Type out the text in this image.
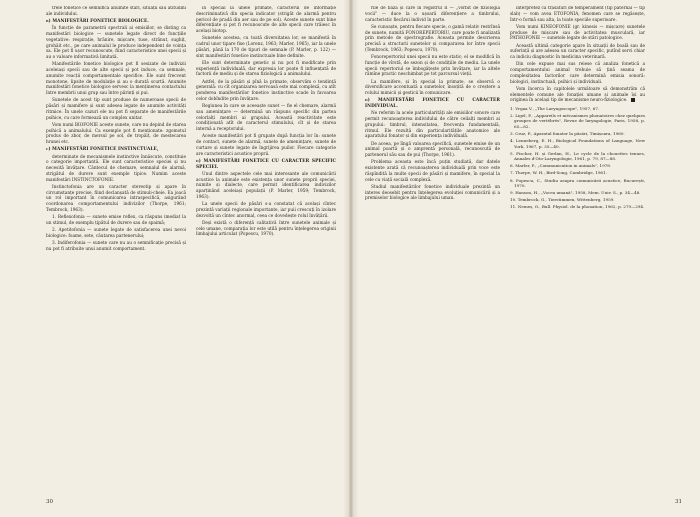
trele fonetice ce semnifică anumite stări, situații sau atitudini ale individului.

b) MANIFESTĂRI FONETICE BIOLOGICE.

În funcție de parametrii spectrali ai emisiilor, se disting ca manifestări biologice — sunetele legate direct de funcțiile vegetative: respirație, hrănire, mișcare, tuse, strănut, sughiț, grohăit etc., pe care animalul le produce independent de voința sa. Ele pot fi ușor recunoscute, fiind caracteristice unei specii și au o valoare informativă limitată.

Manifestările fonetice biologice pot fi sesizate de indivizii aceleiași specii sau de alte specii și pot induce, ca semnale, anumite reacții comportamentale specifice. Ele sunt frecvent monotone, lipsite de modulație și au o durată scurtă. Anumite manifestări fonetice biologice servesc la menținerea contactului între membrii unui grup sau între părinți și pui.

Sunetele de acest tip sunt produse de numeroase specii de păsări și mamifere și sunt adesea legate de anumite activități ritmice. În unele cazuri ele nu pot fi separate de manifestările psihice, cu care formează un complex unitar.

Vom numi BIOFONIE aceste sunete, care nu depind de starea psihică a animalului. Ca exemple pot fi menționate: zgomotul produs de zbor, de mersul pe sol, de tropăit, de mestecarea hranei etc.

c) MANIFESTĂRI FONETICE INSTINCTUALE,

determinate de mecanismele instinctive înnăscute, constituie o categorie importantă. Ele sunt caracteristice speciei și nu necesită învățare. Cântecul de chemare, semnalul de alarmă, strigătul de durere sunt exemple tipice. Numim aceste manifestări INSTINCTOFONIE.

Instinctofonia are un caracter stereotip și apare în circumstanțe precise, fiind declanșată de stimuli-cheie. Ea joacă un rol important în comunicarea intraspecifică, asigurând coordonarea comportamentului indivizilor (Thorpe, 1961; Tembrock, 1963).

1. Reflexofonia — sunete emise reflex, ca răspuns imediat la un stimul, de exemplu țipătul de durere sau de spaimă;

2. Apetitofonia — sunete legate de satisfacerea unei nevoi biologice: foame, sete, căutarea partenerului;

3. Indiferofonia — sunete care nu au o semnificație precisă și nu pot fi atribuite unui anumit comportament.

în special la unele primate, caracterul de informație descriminativă din specia indicator (strigăt de alarmă pentru pericol de pradă din aer sau de pe sol). Aceste sunete sunt bine diferențiate și pot fi recunoscute de alte specii care trăiesc în același biotop.

Sunetele acestea, cu toată diversitatea lor, se manifestă în cadrul unor tipare fixe (Lorenz, 1963; Marler, 1965), iar la unele păsări, până la 170 de tipuri de semnale (P. Marler, p. 122) — sint manifestări fonetice instinctuale bine definite.

Ele sunt determinate genetic și nu pot fi modificate prin experiență individuală, dar expresia lor poate fi influențată de factorii de mediu și de starea fiziologică a animalului.

Astfel, de la păsări și pînă la primate, observăm o tendință generală: cu cît organizarea nervoasă este mai complexă, cu atît ponderea manifestărilor fonetice instinctive scade în favoarea celor dobîndite prin învățare.

Regiunea în care se aceeaște sunet — fie el chemare, alarmă sau amenințare — determină un răspuns specific din partea celorlalți membri ai grupului. Această reactivitate este condiționată atît de caracterul stimulului, cît și de starea internă a receptorului.

Aceste manifestări pot fi grupate după funcția lor în: sunete de contact, sunete de alarmă, sunete de amenințare, sunete de curtare și sunete legate de îngrijirea puilor. Fiecare categorie are caracteristici acustice proprii.

d) MANIFESTĂRI FONETICE CU CARACTER SPECIFIC SPECIEI.

Unul dintre aspectele cele mai interesante ale comunicării acustice la animale este existența unor sunete proprii speciei, numite și dialecte, care permit identificarea indivizilor aparținând aceleiași populații (P. Marler, 1959; Tembrock, 1963).

La unele specii de păsări s-a constatat că același cîntec prezintă variații regionale importante, iar puii crescuți în izolare dezvoltă un cîntec anormal, ceea ce dovedește rolul învățării.

Deși există o diferență calitativă între sunetele animale și cele umane, comparația lor este utilă pentru înțelegerea originii limbajului articulat (Popescu, 1970).

30

rile de bază și care în registrul II — „vorbit de fiziologia vocii" — duce la o ușoară diferențiere a timbrului, caracteristic fiecărui individ în parte.

Se cunoaște, pentru fiecare specie, o gamă relativ restrînsă de sunete, numită FONOREPERTORIU, care poate fi analizată prin metode de spectrografie. Aceasta permite descrierea precisă a structurii sunetelor și compararea lor între specii (Tembrock, 1963; Popescu, 1970).

Fonorepertoriul unei specii nu este static; el se modifică în funcție de vîrstă, de sezon și de condițiile de mediu. La unele specii repertoriul se îmbogățește prin învățare, iar la altele rămîne practic neschimbat pe tot parcursul vieții.

La mamifere, și în special la primate, se observă o diversificare accentuată a sunetelor, însoțită de o creștere a rolului mimicii și gesticii în comunicare.

d) MANIFESTĂRI FONETICE CU CARACTER INDIVIDUAL.

Ne referim la acele particularități ale emisiilor sonore care permit recunoașterea individului de către ceilalți membri ai grupului: timbrul, intensitatea, frecvența fundamentală, ritmul. Ele rezultă din particularitățile anatomice ale aparatului fonator și din experiența individuală.

De aceea, pe lîngă valoarea specifică, sunetele emise de un animal poartă și o amprentă personală, recunoscută de partenerul său sau de pui (Thorpe, 1961).

Problema aceasta este încă puțin studiată, dar datele existente arată că recunoașterea individuală prin voce este răspîndită la multe specii de păsări și mamifere, în special la cele cu viață socială complexă.

Studiul manifestărilor fonetice individuale prezintă un interes deosebit pentru înțelegerea evoluției comunicării și a premiselor biologice ale limbajului uman.

interpretez ca trăsături de temperament (tip paternal — tip slab) — vom avea ETOFONIA, fenomen care se regăsește, într-o formă sau alta, la toate speciile superioare.

Vom numi KINEOFONIE (gr. kinesis — mișcare) sunetele produse de mișcare sau de activitatea musculară, iar PATHOFONIE — sunetele legate de stări patologice.

Această ultimă categorie apare în situații de boală sau de suferință și are adesea un caracter specific, putînd servi chiar ca indiciu diagnostic în medicina veterinară.

Din cele expuse mai sus reiese că analiza fonetică a comportamentului animal trebuie să țină seama de complexitatea factorilor care determină emisia sonoră: biologici, instinctuali, psihici și individuali.

Vom încerca în capitolele următoare să demonstrăm că elementele comune ale fonației umane și animale își au originea în același tip de mecanisme neuro-fiziologice.

1. Vrgaa V., „The Laryngoscope", 1957, 67.

2. Ligel, P., „Appareils et mécanismes phonatoires chez quelques groupes de vertébrés", Revue de laryngologie, Paris, 1958, p. 65—82.

3. Cruz, P., Aparatul fonator la păsări, Timișoara, 1960.

4. Lenneberg, E. H., Biological Foundations of Language, New York, 1967, p. 35—40.

5. Fischer, H. și Gerlan, H., Le cycle de la chouettes tenues, Annales d'Oto-Laryngologie, 1961, p. 79, 87—88.

6. Marler, P., „Communication in animals", 1978.

7. Thorpe, W. H., Bird-Song, Cambridge, 1961.

8. Popescu, C., Studiu asupra comunicării acustice, București, 1970.

9. Hanson, H., „Vocea umană", 1958, Mem. Univ. S., p. 34—48.

10. Tembrock, G., Tierstimmen, Wittenberg, 1959.

11. Nemeș, O., Bull. Physiol. de la phonation, 1962, p. 279—294.

31
